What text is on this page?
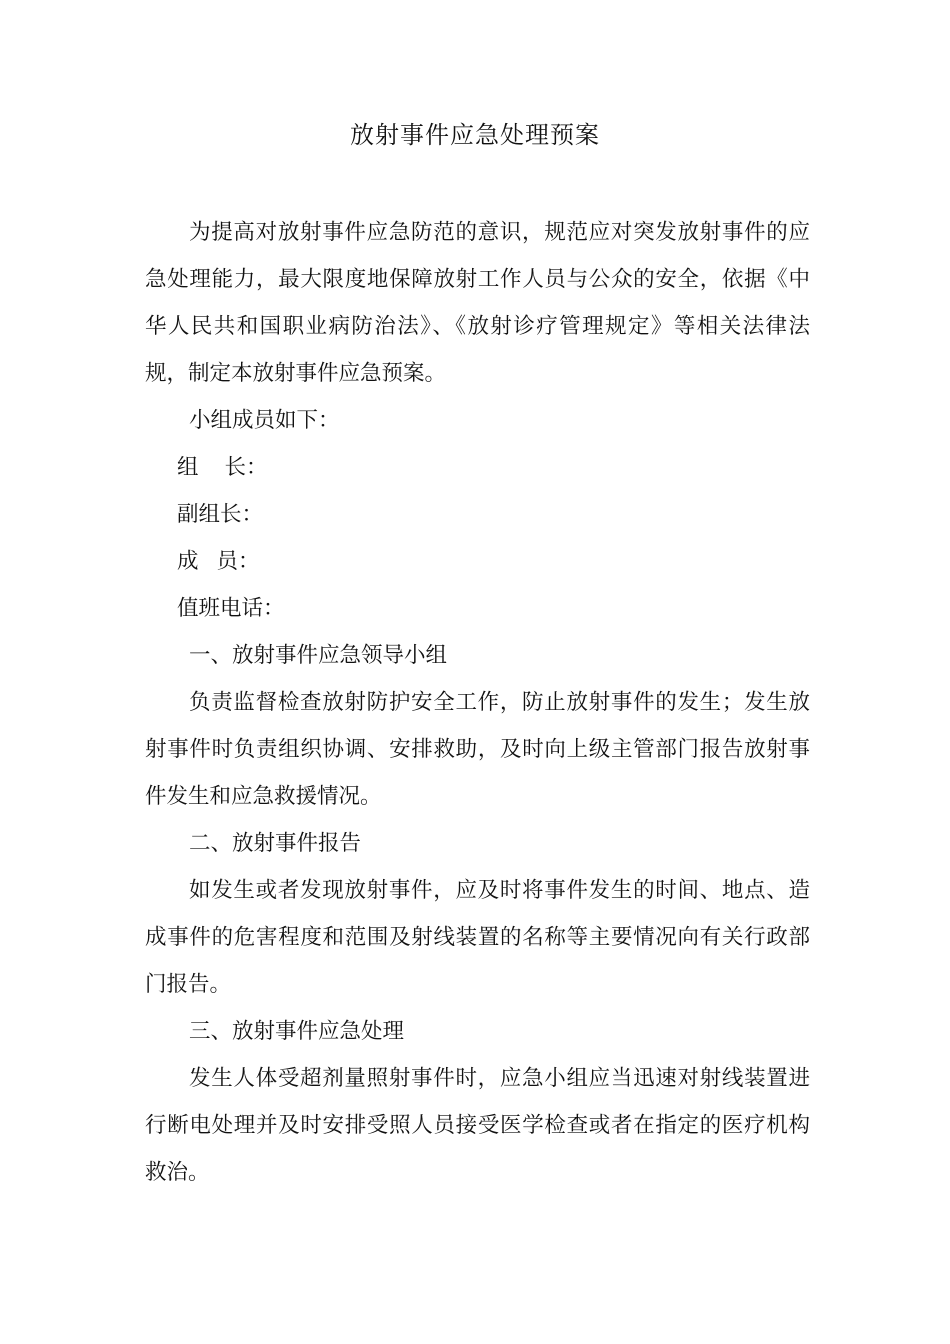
放射事件应急处理预案

为提高对放射事件应急防范的意识，规范应对突发放射事件的应急处理能力，最大限度地保障放射工作人员与公众的安全，依据《中华人民共和国职业病防治法》、《放射诊疗管理规定》等相关法律法规，制定本放射事件应急预案。

小组成员如下：

组 长：

副组长：

成 员：

值班电话：

一、放射事件应急领导小组

负责监督检查放射防护安全工作，防止放射事件的发生；发生放射事件时负责组织协调、安排救助，及时向上级主管部门报告放射事件发生和应急救援情况。

二、放射事件报告

如发生或者发现放射事件，应及时将事件发生的时间、地点、造成事件的危害程度和范围及射线装置的名称等主要情况向有关行政部门报告。

三、放射事件应急处理

发生人体受超剂量照射事件时，应急小组应当迅速对射线装置进行断电处理并及时安排受照人员接受医学检查或者在指定的医疗机构救治。
